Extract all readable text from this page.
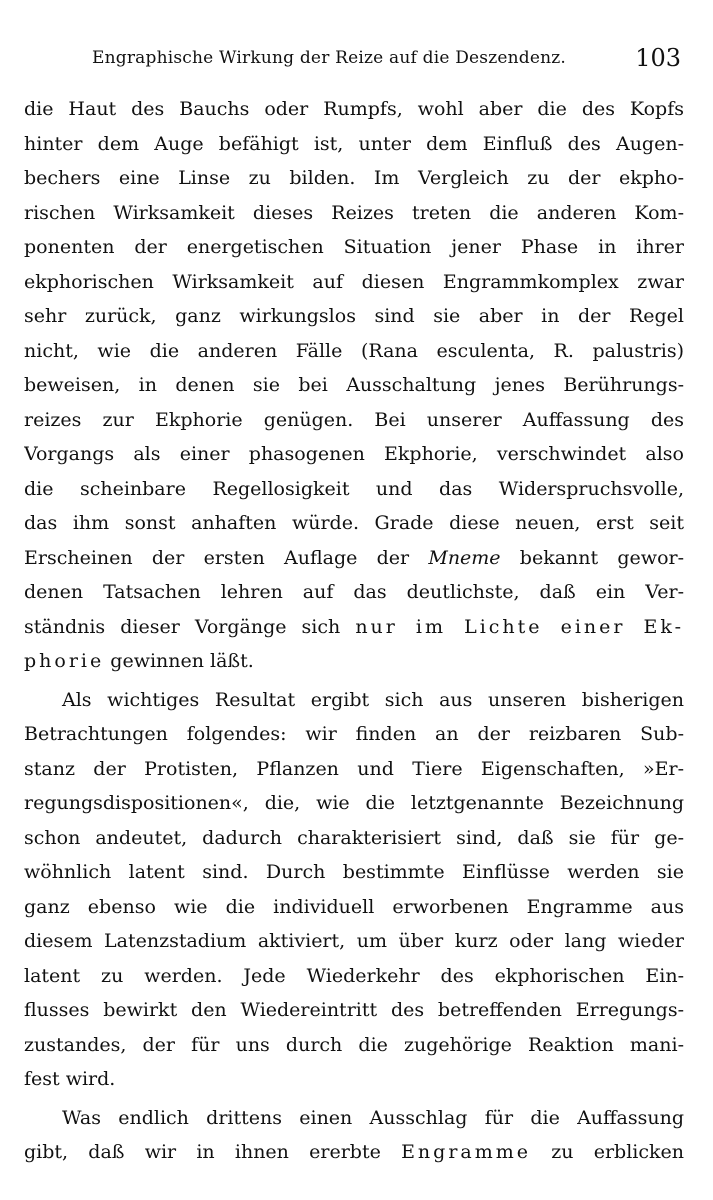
Engraphische Wirkung der Reize auf die Deszendenz.	103
die Haut des Bauchs oder Rumpfs, wohl aber die des Kopfs
hinter dem Auge befähigt ist, unter dem Einfluß des Augen-
bechers eine Linse zu bilden. Im Vergleich zu der ekpho-
rischen Wirksamkeit dieses Reizes treten die anderen Kom-
ponenten der energetischen Situation jener Phase in ihrer
ekphorischen Wirksamkeit auf diesen Engrammkomplex zwar
sehr zurück, ganz wirkungslos sind sie aber in der Regel
nicht, wie die anderen Fälle (Rana esculenta, R. palustris)
beweisen, in denen sie bei Ausschaltung jenes Berührungs-
reizes zur Ekphorie genügen. Bei unserer Auffassung des
Vorgangs als einer phasogenen Ekphorie, verschwindet also
die scheinbare Regellosigkeit und das Widerspruchsvolle,
das ihm sonst anhaften würde. Grade diese neuen, erst seit
Erscheinen der ersten Auflage der Mneme bekannt gewor-
denen Tatsachen lehren auf das deutlichste, daß ein Ver-
ständnis dieser Vorgänge sich nur im Lichte einer Ek-
phorie gewinnen läßt.
Als wichtiges Resultat ergibt sich aus unseren bisherigen
Betrachtungen folgendes: wir finden an der reizbaren Sub-
stanz der Protisten, Pflanzen und Tiere Eigenschaften, »Er-
regungsdispositionen«, die, wie die letztgenannte Bezeichnung
schon andeutet, dadurch charakterisiert sind, daß sie für ge-
wöhnlich latent sind. Durch bestimmte Einflüsse werden sie
ganz ebenso wie die individuell erworbenen Engramme aus
diesem Latenzstadium aktiviert, um über kurz oder lang wieder
latent zu werden. Jede Wiederkehr des ekphorischen Ein-
flusses bewirkt den Wiedereintritt des betreffenden Erregungs-
zustandes, der für uns durch die zugehörige Reaktion mani-
fest wird.
Was endlich drittens einen Ausschlag für die Auffassung
gibt, daß wir in ihnen ererbte Engramme zu erblicken
